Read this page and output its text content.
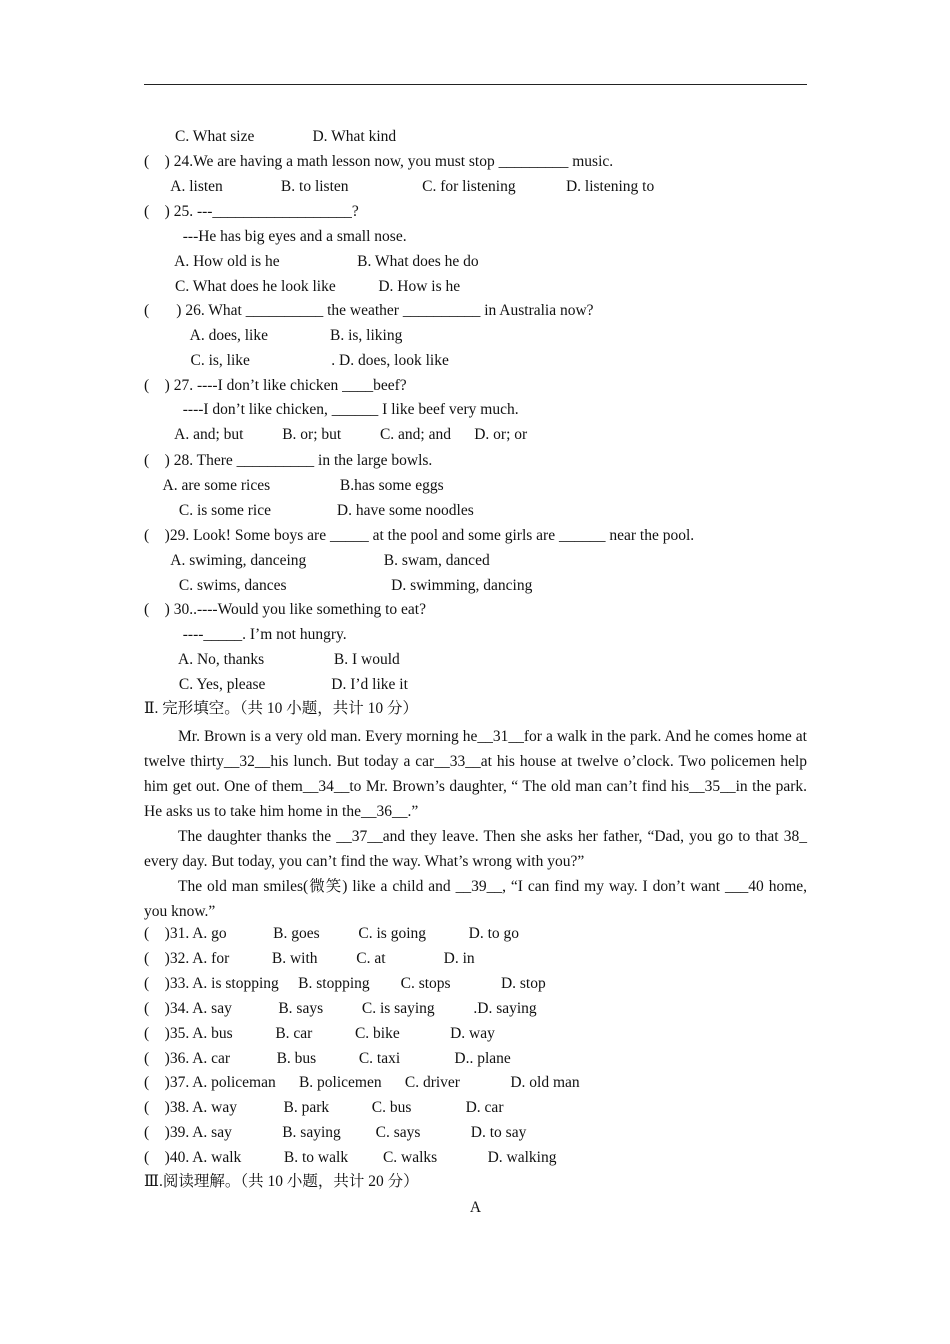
C. What size               D. What kind
(    ) 24.We are having a math lesson now, you must stop _________ music.
A. listen               B. to listen                   C. for listening             D. listening to
(    ) 25. ---__________________?
---He has big eyes and a small nose.
A. How old is he                    B. What does he do
C. What does he look like           D. How is he
(       ) 26. What __________ the weather __________ in Australia now?
A. does, like                B. is, liking
C. is, like                     . D. does, look like
(    ) 27. ----I don’t like chicken ____beef?
----I don’t like chicken, ______ I like beef very much.
A. and; but          B. or; but          C. and; and      D. or; or
(    ) 28. There __________ in the large bowls.
A. are some rices                  B.has some eggs
C. is some rice                 D. have some noodles
(    )29. Look! Some boys are _____ at the pool and some girls are ______ near the pool.
A. swiming, danceing                    B. swam, danced
C. swims, dances                           D. swimming, dancing
(    ) 30..----Would you like something to eat?
----_____. I’m not hungry.
A. No, thanks                  B. I would
C. Yes, please                 D. I’d like it
Ⅱ. 完形填空。（共 10 小题，共计 10 分）
Mr. Brown is a very old man. Every morning he__31__for a walk in the park. And he comes home at twelve thirty__32__his lunch. But today a car__33__at his house at twelve o’clock. Two policemen help him get out. One of them__34__to Mr. Brown’s daughter, “ The old man can’t find his__35__in the park. He asks us to take him home in the__36__.”
The daughter thanks the __37__and they leave. Then she asks her father, “Dad, you go to that 38_ every day. But today, you can’t find the way. What’s wrong with you?”
The old man smiles(微笑) like a child and __39__, “I can find my way. I don’t want ___40 home, you know.”
(    )31. A. go            B. goes          C. is going           D. to go
(    )32. A. for           B. with          C. at               D. in
(    )33. A. is stopping     B. stopping        C. stops             D. stop
(    )34. A. say            B. says          C. is saying          .D. saying
(    )35. A. bus           B. car           C. bike             D. way
(    )36. A. car            B. bus           C. taxi              D.. plane
(    )37. A. policeman      B. policemen      C. driver             D. old man
(    )38. A. way            B. park           C. bus              D. car
(    )39. A. say             B. saying         C. says             D. to say
(    )40. A. walk           B. to walk         C. walks             D. walking
Ⅲ.阅读理解。（共 10 小题，共计 20 分）
A
